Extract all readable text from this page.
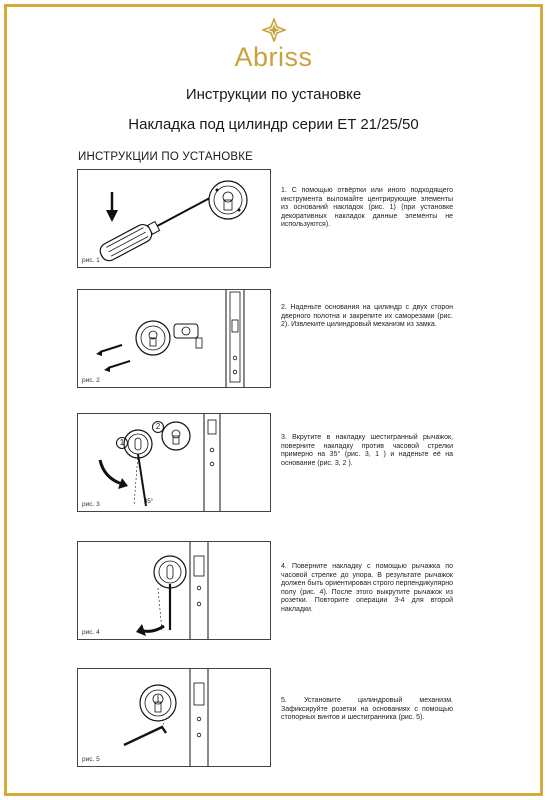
Abriss
Инструкции по установке
Накладка под цилиндр серии ET 21/25/50
ИНСТРУКЦИИ ПО УСТАНОВКЕ
рис. 1
1. С помощью отвёртки или иного подходящего инструмента выломайте центрирующие элементы из оснований накладок (рис. 1) (при установке декоративных накладок данные элементы не используются).
рис. 2
2. Наденьте основания на цилиндр с двух сторон дверного полотна и закрепите их саморезами (рис. 2). Извлеките цилиндровый механизм из замка.
1
2
35°
рис. 3
3. Вкрутите в накладку шестигранный рычажок, поверните накладку против часовой стрелки примерно на 35° (рис. 3, 1 ) и наденьте её на основание (рис. 3, 2 ).
рис. 4
4. Поверните накладку с помощью рычажка по часовой стрелке до упора. В результате рычажок должен быть ориентирован строго перпендикулярно полу (рис. 4). После этого выкрутите рычажок из розетки. Повторите операции 3-4 для второй накладки.
рис. 5
5. Установите цилиндровый механизм. Зафиксируйте розетки на основаниях с помощью стопорных винтов и шестигранника (рис. 5).
